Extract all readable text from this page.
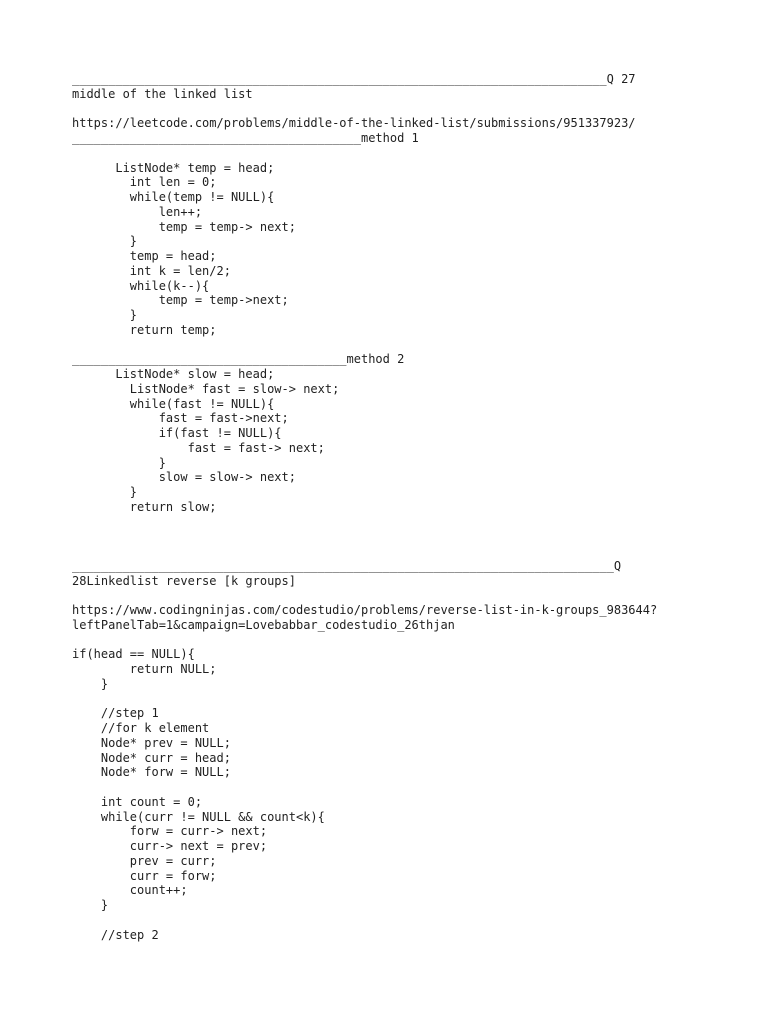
__________________________________________________________________________Q 27
middle of the linked list
https://leetcode.com/problems/middle-of-the-linked-list/submissions/951337923/
________________________________________method 1
ListNode* temp = head;
int len = 0;
while(temp != NULL){
len++;
temp = temp-> next;
}
temp = head;
int k = len/2;
while(k--){
temp = temp->next;
}
return temp;
______________________________________method 2
ListNode* slow = head;
ListNode* fast = slow-> next;
while(fast != NULL){
fast = fast->next;
if(fast != NULL){
fast = fast-> next;
}
slow = slow-> next;
}
return slow;
___________________________________________________________________________Q
28Linkedlist reverse [k groups]
https://www.codingninjas.com/codestudio/problems/reverse-list-in-k-groups_983644?
leftPanelTab=1&campaign=Lovebabbar_codestudio_26thjan
if(head == NULL){
return NULL;
}
//step 1
//for k element
Node* prev = NULL;
Node* curr = head;
Node* forw = NULL;
int count = 0;
while(curr != NULL && count<k){
forw = curr-> next;
curr-> next = prev;
prev = curr;
curr = forw;
count++;
}
//step 2
